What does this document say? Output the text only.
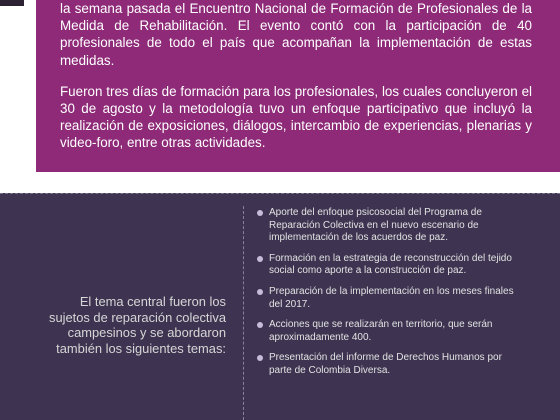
la semana pasada el Encuentro Nacional de Formación de Profesionales de la Medida de Rehabilitación. El evento contó con la participación de 40 profesionales de todo el país que acompañan la implementación de estas medidas.

Fueron tres días de formación para los profesionales, los cuales concluyeron el 30 de agosto y la metodología tuvo un enfoque participativo que incluyó la realización de exposiciones, diálogos, intercambio de experiencias, plenarias y video-foro, entre otras actividades.

El tema central fueron los sujetos de reparación colectiva campesinos y se abordaron también los siguientes temas:

Aporte del enfoque psicosocial del Programa de Reparación Colectiva en el nuevo escenario de implementación de los acuerdos de paz.
Formación en la estrategia de reconstrucción del tejido social como aporte a la construcción de paz.
Preparación de la implementación en los meses finales del 2017.
Acciones que se realizarán en territorio, que serán aproximadamente 400.
Presentación del informe de Derechos Humanos por parte de Colombia Diversa.
